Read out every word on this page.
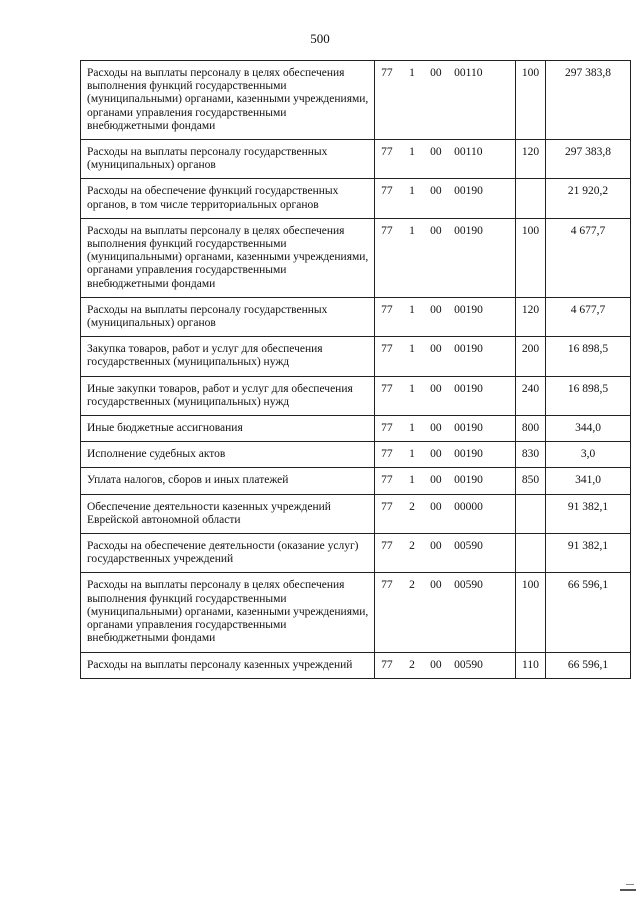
500
Расходы на выплаты персоналу в целях обеспечения выполнения функций государственными (муниципальными) органами, казенными учреждениями, органами управления государственными внебюджетными фондами	77 1 00 00110	100	297 383,8
Расходы на выплаты персоналу государственных (муниципальных) органов	77 1 00 00110	120	297 383,8
Расходы на обеспечение функций государственных органов, в том числе территориальных органов	77 1 00 00190		21 920,2
Расходы на выплаты персоналу в целях обеспечения выполнения функций государственными (муниципальными) органами, казенными учреждениями, органами управления государственными внебюджетными фондами	77 1 00 00190	100	4 677,7
Расходы на выплаты персоналу государственных (муниципальных) органов	77 1 00 00190	120	4 677,7
Закупка товаров, работ и услуг для обеспечения государственных (муниципальных) нужд	77 1 00 00190	200	16 898,5
Иные закупки товаров, работ и услуг для обеспечения государственных (муниципальных) нужд	77 1 00 00190	240	16 898,5
Иные бюджетные ассигнования	77 1 00 00190	800	344,0
Исполнение судебных актов	77 1 00 00190	830	3,0
Уплата налогов, сборов и иных платежей	77 1 00 00190	850	341,0
Обеспечение деятельности казенных учреждений Еврейской автономной области	77 2 00 00000		91 382,1
Расходы на обеспечение деятельности (оказание услуг) государственных учреждений	77 2 00 00590		91 382,1
Расходы на выплаты персоналу в целях обеспечения выполнения функций государственными (муниципальными) органами, казенными учреждениями, органами управления государственными внебюджетными фондами	77 2 00 00590	100	66 596,1
Расходы на выплаты персоналу казенных учреждений	77 2 00 00590	110	66 596,1
